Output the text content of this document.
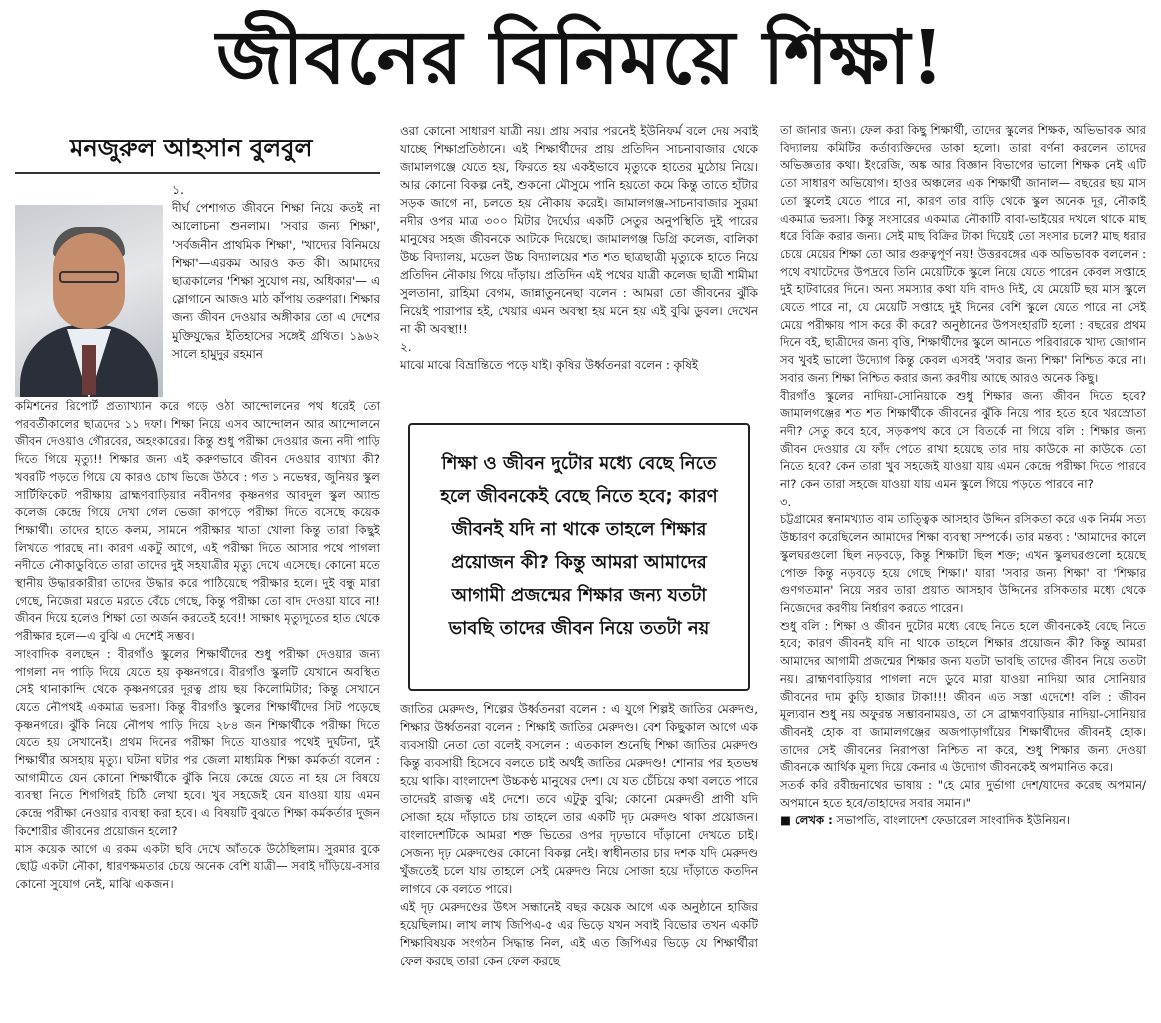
জীবনের বিনিময়ে শিক্ষা!
মনজুরুল আহসান বুলবুল

১.

দীর্ঘ পেশাগত জীবনে শিক্ষা নিয়ে কতই না আলোচনা শুনলাম। 'সবার জন্য শিক্ষা', 'সর্বজনীন প্রাথমিক শিক্ষা', 'খাদ্যের বিনিময়ে শিক্ষা'—এরকম আরও কত কী। আমাদের ছাত্রকালের 'শিক্ষা সুযোগ নয়, অধিকার'— এ স্লোগানে আজও মাঠ কাঁপায় তরুণরা। শিক্ষার জন্য জীবন দেওয়ার অঙ্গীকার তো এ দেশের মুক্তিযুদ্ধের ইতিহাসের সঙ্গেই গ্রথিত। ১৯৬২ সালে হামুদুর রহমান

কমিশনের রিপোর্ট প্রত্যাখ্যান করে গড়ে ওঠা আন্দোলনের পথ ধরেই তো পরবর্তীকালের ছাত্রদের ১১ দফা। শিক্ষা নিয়ে এসব আন্দোলন আর আন্দোলনে জীবন দেওয়াও গৌরবের, অহংকারের। কিন্তু শুধু পরীক্ষা দেওয়ার জন্য নদী পাড়ি দিতে গিয়ে মৃত্যু!! শিক্ষার জন্য এই করুণভাবে জীবন দেওয়ার ব্যাখ্যা কী? খবরটি পড়তে গিয়ে যে কারও চোখ ভিজে উঠবে : গত ১ নভেম্বর, জুনিয়র স্কুল সার্টিফিকেট পরীক্ষায় ব্রাহ্মণবাড়িয়ার নবীনগর কৃষ্ণনগর আবদুল স্কুল অ্যান্ড কলেজ কেন্দ্রে গিয়ে দেখা গেল ভেজা কাপড়ে পরীক্ষা দিতে বসেছে কয়েক শিক্ষার্থী। তাদের হাতে কলম, সামনে পরীক্ষার খাতা খোলা কিন্তু তারা কিছুই লিখতে পারছে না। কারণ একটু আগে, এই পরীক্ষা দিতে আসার পথে পাগলা নদীতে নৌকাডুবিতে তারা তাদের দুই সহযাত্রীর মৃত্যু দেখে এসেছে। কোনো মতে স্থানীয় উদ্ধারকারীরা তাদের উদ্ধার করে পাঠিয়েছে পরীক্ষার হলে। দুই বন্ধু মারা গেছে, নিজেরা মরতে মরতে বেঁচে গেছে, কিন্তু পরীক্ষা তো বাদ দেওয়া যাবে না! জীবন দিয়ে হলেও শিক্ষা তো অর্জন করতেই হবে!! সাক্ষাৎ মৃত্যুদূতের হাত থেকে পরীক্ষার হলে—এ বুঝি এ দেশেই সম্ভব।

সাংবাদিক বলছেন : বীরগাঁও স্কুলের শিক্ষার্থীদের শুধু পরীক্ষা দেওয়ার জন্য পাগলা নদ পাড়ি দিয়ে যেতে হয় কৃষ্ণনগরে। বীরগাঁও স্কুলটি যেখানে অবস্থিত সেই থানাকান্দি থেকে কৃষ্ণনগরের দূরত্ব প্রায় ছয় কিলোমিটার; কিন্তু সেখানে যেতে নৌপথই একমাত্র ভরসা। কিন্তু বীরগাঁও স্কুলের শিক্ষার্থীদের সিট পড়েছে কৃষ্ণনগরে। ঝুঁকি নিয়ে নৌপথ পাড়ি দিয়ে ২৮৪ জন শিক্ষার্থীকে পরীক্ষা দিতে যেতে হয় সেখানেই। প্রথম দিনের পরীক্ষা দিতে যাওয়ার পথেই দুর্ঘটনা, দুই শিক্ষার্থীর অসহায় মৃত্যু। ঘটনা ঘটার পর জেলা মাধ্যমিক শিক্ষা কর্মকর্তা বলেন : আগামীতে যেন কোনো শিক্ষার্থীকে ঝুঁকি নিয়ে কেন্দ্রে যেতে না হয় সে বিষয়ে ব্যবস্থা নিতে শিগগিরই চিঠি লেখা হবে। খুব সহজেই যেন যাওয়া যায় এমন কেন্দ্রে পরীক্ষা নেওয়ার ব্যবস্থা করা হবে। এ বিষয়টি বুঝতে শিক্ষা কর্মকর্তার দুজন কিশোরীর জীবনের প্রয়োজন হলো?

মাস কয়েক আগে এ রকম একটা ছবি দেখে আঁতকে উঠেছিলাম। সুরমার বুকে ছোট্ট একটা নৌকা, ধারণক্ষমতার চেয়ে অনেক বেশি যাত্রী— সবাই দাঁড়িয়ে-বসার কোনো সুযোগ নেই, মাঝি একজন।

ওরা কোনো সাধারণ যাত্রী নয়। প্রায় সবার পরনেই ইউনিফর্ম বলে দেয় সবাই যাচ্ছে শিক্ষাপ্রতিষ্ঠানে। এই শিক্ষার্থীদের প্রায় প্রতিদিন সাচনাবাজার থেকে জামালগঞ্জে যেতে হয়, ফিরতে হয় একইভাবে মৃত্যুকে হাতের মুঠোয় নিয়ে। আর কোনো বিকল্প নেই, শুকনো মৌসুমে পানি হয়তো কমে কিন্তু তাতে হাঁটার সড়ক জাগে না, চলতে হয় নৌকায় করেই। জামালগঞ্জ-সাচনাবাজার সুরমা নদীর ওপর মাত্র ৩০০ মিটার দৈর্ঘ্যের একটি সেতুর অনুপস্থিতি দুই পারের মানুষের সহজ জীবনকে আটকে দিয়েছে। জামালগঞ্জ ডিগ্রি কলেজ, বালিকা উচ্চ বিদ্যালয়, মডেল উচ্চ বিদ্যালয়ের শত শত ছাত্রছাত্রী মৃত্যুকে হাতে নিয়ে প্রতিদিন নৌকায় গিয়ে দাঁড়ায়। প্রতিদিন এই পথের যাত্রী কলেজ ছাত্রী শামীমা সুলতানা, রাহিমা বেগম, জান্নাতুননেছা বলেন : আমরা তো জীবনের ঝুঁকি নিয়েই পারাপার হই, খেয়ার এমন অবস্থা হয় মনে হয় এই বুঝি ডুবল। দেখেন না কী অবস্থা!!

২.

মাঝে মাঝে বিভ্রান্তিতে পড়ে যাই। কৃষির উর্ধ্বতনরা বলেন : কৃষিই

শিক্ষা ও জীবন দুটোর মধ্যে বেছে নিতে হলে জীবনকেই বেছে নিতে হবে; কারণ জীবনই যদি না থাকে তাহলে শিক্ষার প্রয়োজন কী? কিন্তু আমরা আমাদের আগামী প্রজন্মের শিক্ষার জন্য যতটা ভাবছি তাদের জীবন নিয়ে ততটা নয়

জাতির মেরুদণ্ড, শিল্পের উর্ধ্বতনরা বলেন : এ যুগে শিল্পই জাতির মেরুদণ্ড, শিক্ষার উর্ধ্বতনরা বলেন : শিক্ষাই জাতির মেরুদণ্ড। বেশ কিছুকাল আগে এক ব্যবসায়ী নেতা তো বলেই বসলেন : এতকাল শুনেছি শিক্ষা জাতির মেরুদণ্ড কিন্তু ব্যবসায়ী হিসেবে বলতে চাই অর্থই জাতির মেরুদণ্ড! শোনার পর হতভম্ব হয়ে থাকি। বাংলাদেশ উচ্চকণ্ঠ মানুষের দেশ। যে যত চেঁচিয়ে কথা বলতে পারে তাদেরই রাজত্ব এই দেশে। তবে এটুকু বুঝি; কোনো মেরুদণ্ডী প্রাণী যদি সোজা হয়ে দাঁড়াতে চায় তাহলে তার একটি দৃঢ় মেরুদণ্ড থাকা প্রয়োজন। বাংলাদেশটিকে আমরা শক্ত ভিতের ওপর দৃঢ়ভাবে দাঁড়ানো দেখতে চাই। সেজন্য দৃঢ় মেরুদণ্ডের কোনো বিকল্প নেই। স্বাধীনতার চার দশক যদি মেরুদণ্ড খুঁজতেই চলে যায় তাহলে সেই মেরুদণ্ড নিয়ে সোজা হয়ে দাঁড়াতে কতদিন লাগবে কে বলতে পারে।

এই দৃঢ় মেরুদণ্ডের উৎস সন্ধানেই বছর কয়েক আগে এক অনুষ্ঠানে হাজির হয়েছিলাম। লাখ লাখ জিপিএ-৫ এর ভিড়ে যখন সবাই বিভোর তখন একটি শিক্ষাবিষয়ক সংগঠন সিদ্ধান্ত নিল, এই এত জিপিএর ভিড়ে যে শিক্ষার্থীরা ফেল করছে তারা কেন ফেল করছে

তা জানার জন্য। ফেল করা কিছু শিক্ষার্থী, তাদের স্কুলের শিক্ষক, অভিভাবক আর বিদ্যালয় কমিটির কর্তাব্যক্তিদের ডাকা হলো। তারা বর্ণনা করলেন তাদের অভিজ্ঞতার কথা। ইংরেজি, অঙ্ক আর বিজ্ঞান বিভাগের ভালো শিক্ষক নেই এটি তো সাধারণ অভিযোগ। হাওর অঞ্চলের এক শিক্ষার্থী জানাল— বছরের ছয় মাস তো স্কুলেই যেতে পারে না, কারণ তার বাড়ি থেকে স্কুল অনেক দূর, নৌকাই একমাত্র ভরসা। কিন্তু সংসারের একমাত্র নৌকাটি বাবা-ভাইয়ের দখলে থাকে মাছ ধরে বিক্রি করার জন্য। সেই মাছ বিক্রির টাকা দিয়েই তো সংসার চলে? মাছ ধরার চেয়ে মেয়ের শিক্ষা তো আর গুরুত্বপূর্ণ নয়! উত্তরবঙ্গের এক অভিভাবক বললেন : পথে বখাটেদের উপদ্রবে তিনি মেয়েটিকে স্কুলে নিয়ে যেতে পারেন কেবল সপ্তাহে দুই হাটবারের দিনে। অন্য সমস্যার কথা যদি বাদও দিই, যে মেয়েটি ছয় মাস স্কুলে যেতে পারে না, যে মেয়েটি সপ্তাহে দুই দিনের বেশি স্কুলে যেতে পারে না সেই মেয়ে পরীক্ষায় পাস করে কী করে? অনুষ্ঠানের উপসংহারটি হলো : বছরের প্রথম দিনে বই, ছাত্রীদের জন্য বৃত্তি, শিক্ষার্থীদের স্কুলে আনতে পরিবারকে খাদ্য জোগান সব খুবই ভালো উদ্যোগ কিন্তু কেবল এসবই 'সবার জন্য শিক্ষা' নিশ্চিত করে না। সবার জন্য শিক্ষা নিশ্চিত করার জন্য করণীয় আছে আরও অনেক কিছু।

বীরগাঁও স্কুলের নাদিয়া-সোনিয়াকে শুধু শিক্ষার জন্য জীবন দিতে হবে? জামালগঞ্জের শত শত শিক্ষার্থীকে জীবনের ঝুঁকি নিয়ে পার হতে হবে খরস্রোতা নদী? সেতু কবে হবে, সড়কপথ কবে সে বিতর্কে না গিয়ে বলি : শিক্ষার জন্য জীবন দেওয়ার যে ফাঁদ পেতে রাখা হয়েছে তার দায় কাউকে না কাউকে তো নিতে হবে? কেন তারা খুব সহজেই যাওয়া যায় এমন কেন্দ্রে পরীক্ষা দিতে পারবে না? কেন তারা সহজে যাওয়া যায় এমন স্কুলে গিয়ে পড়তে পারবে না?

৩.

চট্টগ্রামের স্বনামখ্যাত বাম তাত্ত্বিক আসহাব উদ্দিন রসিকতা করে এক নির্মম সত্য উচ্চারণ করেছিলেন আমাদের শিক্ষা ব্যবস্থা সম্পর্কে। তার মন্তব্য : 'আমাদের কালে স্কুলঘরগুলো ছিল নড়বড়ে, কিন্তু শিক্ষাটা ছিল শক্ত; এখন স্কুলঘরগুলো হয়েছে পোক্ত কিন্তু নড়বড়ে হয়ে গেছে শিক্ষা।' যারা 'সবার জন্য শিক্ষা' বা 'শিক্ষার গুণগতমান' নিয়ে সরব তারা প্রয়াত আসহাব উদ্দিনের রসিকতার মধ্যে থেকে নিজেদের করণীয় নির্ধারণ করতে পারেন।

শুধু বলি : শিক্ষা ও জীবন দুটোর মধ্যে বেছে নিতে হলে জীবনকেই বেছে নিতে হবে; কারণ জীবনই যদি না থাকে তাহলে শিক্ষার প্রয়োজন কী? কিন্তু আমরা আমাদের আগামী প্রজন্মের শিক্ষার জন্য যতটা ভাবছি তাদের জীবন নিয়ে ততটা নয়। ব্রাহ্মণবাড়িয়ার পাগলা নদে ডুবে মারা যাওয়া নাদিয়া আর সোনিয়ার জীবনের দাম কুড়ি হাজার টাকা!!! জীবন এত সস্তা এদেশে! বলি : জীবন মূল্যবান শুধু নয় অফুরন্ত সম্ভাবনাময়ও, তা সে ব্রাহ্মণবাড়িয়ার নাদিয়া-সোনিয়ার জীবনই হোক বা জামালগঞ্জের অজপাড়াগাঁয়ের শিক্ষার্থীদের জীবনই হোক। তাদের সেই জীবনের নিরাপত্তা নিশ্চিত না করে, শুধু শিক্ষার জন্য দেওয়া জীবনকে আর্থিক মূল্য দিয়ে কেনার এ উদ্যোগ জীবনকেই অপমানিত করে।

সতর্ক করি রবীন্দ্রনাথের ভাষায় : "হে মোর দুর্ভাগা দেশ/যাদের করেছ অপমান/অপমানে হতে হবে/তাহাদের সবার সমান।"

■ লেখক : সভাপতি, বাংলাদেশ ফেডারেল সাংবাদিক ইউনিয়ন।
